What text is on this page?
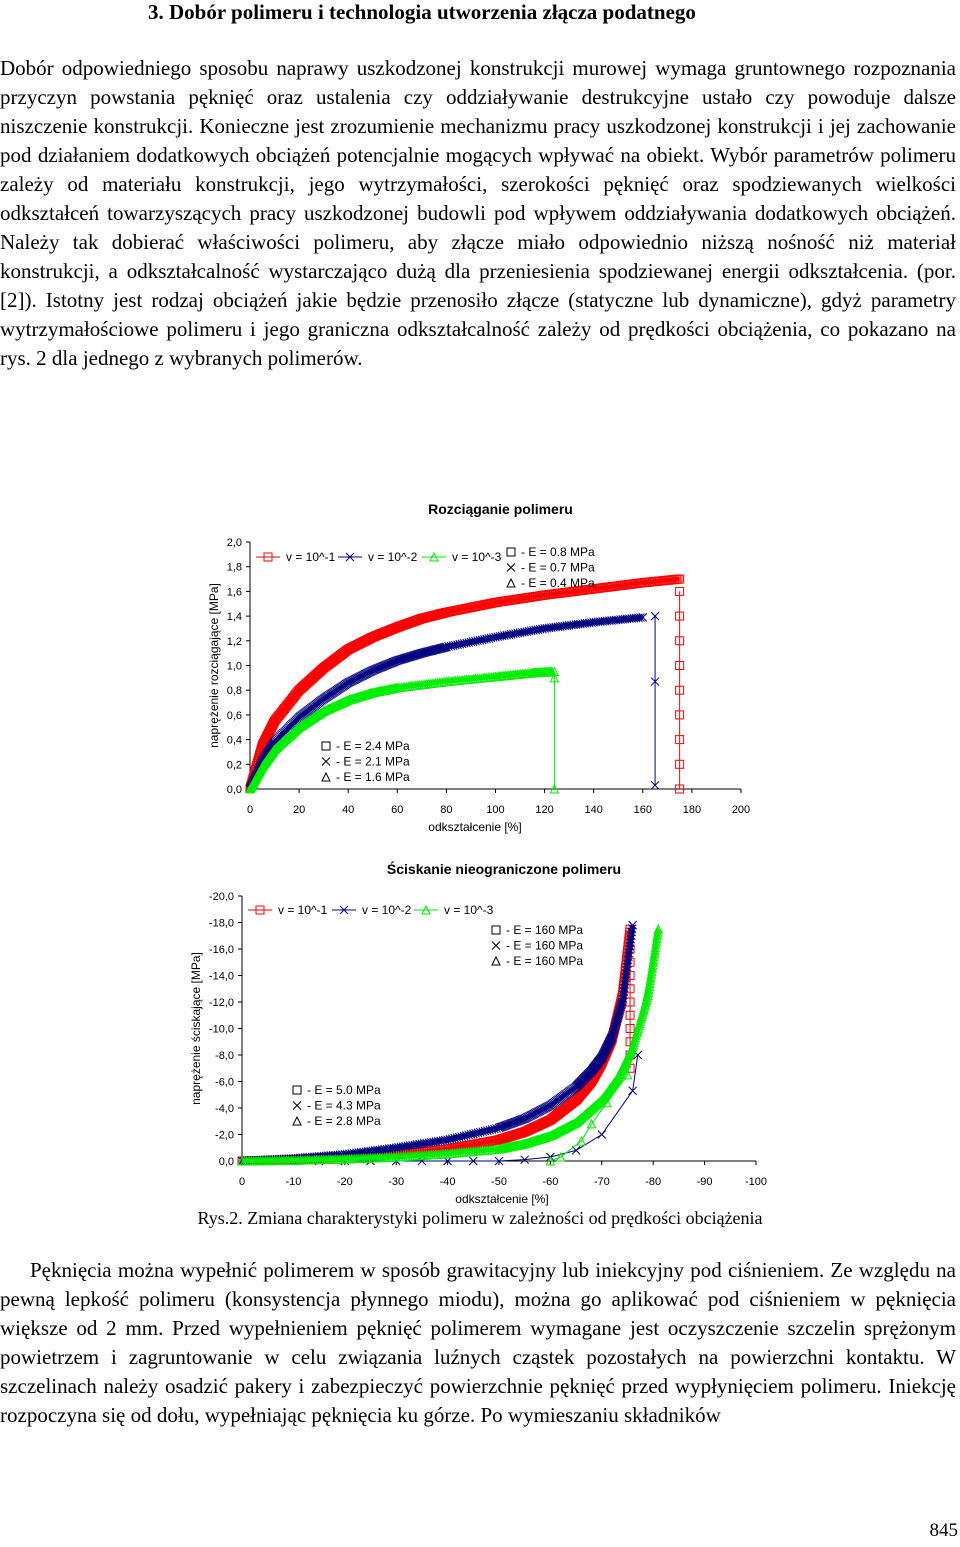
3. Dobór polimeru i technologia utworzenia złącza podatnego

Dobór odpowiedniego sposobu naprawy uszkodzonej konstrukcji murowej wymaga gruntownego rozpoznania przyczyn powstania pęknięć oraz ustalenia czy oddziaływanie destrukcyjne ustało czy powoduje dalsze niszczenie konstrukcji. Konieczne jest zrozumienie mechanizmu pracy uszkodzonej konstrukcji i jej zachowanie pod działaniem dodatkowych obciążeń potencjalnie mogących wpływać na obiekt. Wybór parametrów polimeru zależy od materiału konstrukcji, jego wytrzymałości, szerokości pęknięć oraz spodziewanych wielkości odkształceń towarzyszących pracy uszkodzonej budowli pod wpływem oddziaływania dodatkowych obciążeń. Należy tak dobierać właściwości polimeru, aby złącze miało odpowiednio niższą nośność niż materiał konstrukcji, a odkształcalność wystarczająco dużą dla przeniesienia spodziewanej energii odkształcenia. (por. [2]). Istotny jest rodzaj obciążeń jakie będzie przenosiło złącze (statyczne lub dynamiczne), gdyż parametry wytrzymałościowe polimeru i jego graniczna odkształcalność zależy od prędkości obciążenia, co pokazano na rys. 2 dla jednego z wybranych polimerów.

Rozciąganie polimeru
0,0
0,2
0,4
0,6
0,8
1,0
1,2
1,4
1,6
1,8
2,0
0	20	40	60	80	100	120	140	160	180	200
odkształcenie [%]
naprężenie rozciągające [MPa]
v = 10^-1	v = 10^-2	v = 10^-3 - E = 0.8 MPa
- E = 0.7 MPa
- E = 0.4 MPa
- E = 2.4 MPa
- E = 2.1 MPa
- E = 1.6 MPa
Ściskanie nieograniczone polimeru
0,0
-2,0
-4,0
-6,0
-8,0
-10,0
-12,0
-14,0
-16,0
-18,0
-20,0
0	-10	-20	-30	-40	-50	-60	-70	-80	-90	-100
odkształcenie [%]
naprężenie ściskające [MPa]
v = 10^-1	v = 10^-2	v = 10^-3
- E = 160 MPa
- E = 160 MPa
- E = 160 MPa
- E = 5.0 MPa
- E = 4.3 MPa
- E = 2.8 MPa

Rys.2. Zmiana charakterystyki polimeru w zależności od prędkości obciążenia

Pęknięcia można wypełnić polimerem w sposób grawitacyjny lub iniekcyjny pod ciśnieniem. Ze względu na pewną lepkość polimeru (konsystencja płynnego miodu), można go aplikować pod ciśnieniem w pęknięcia większe od 2 mm. Przed wypełnieniem pęknięć polimerem wymagane jest oczyszczenie szczelin sprężonym powietrzem i zagruntowanie w celu związania luźnych cząstek pozostałych na powierzchni kontaktu. W szczelinach należy osadzić pakery i zabezpieczyć powierzchnie pęknięć przed wypłynięciem polimeru. Iniekcję rozpoczyna się od dołu, wypełniając pęknięcia ku górze. Po wymieszaniu składników

845
